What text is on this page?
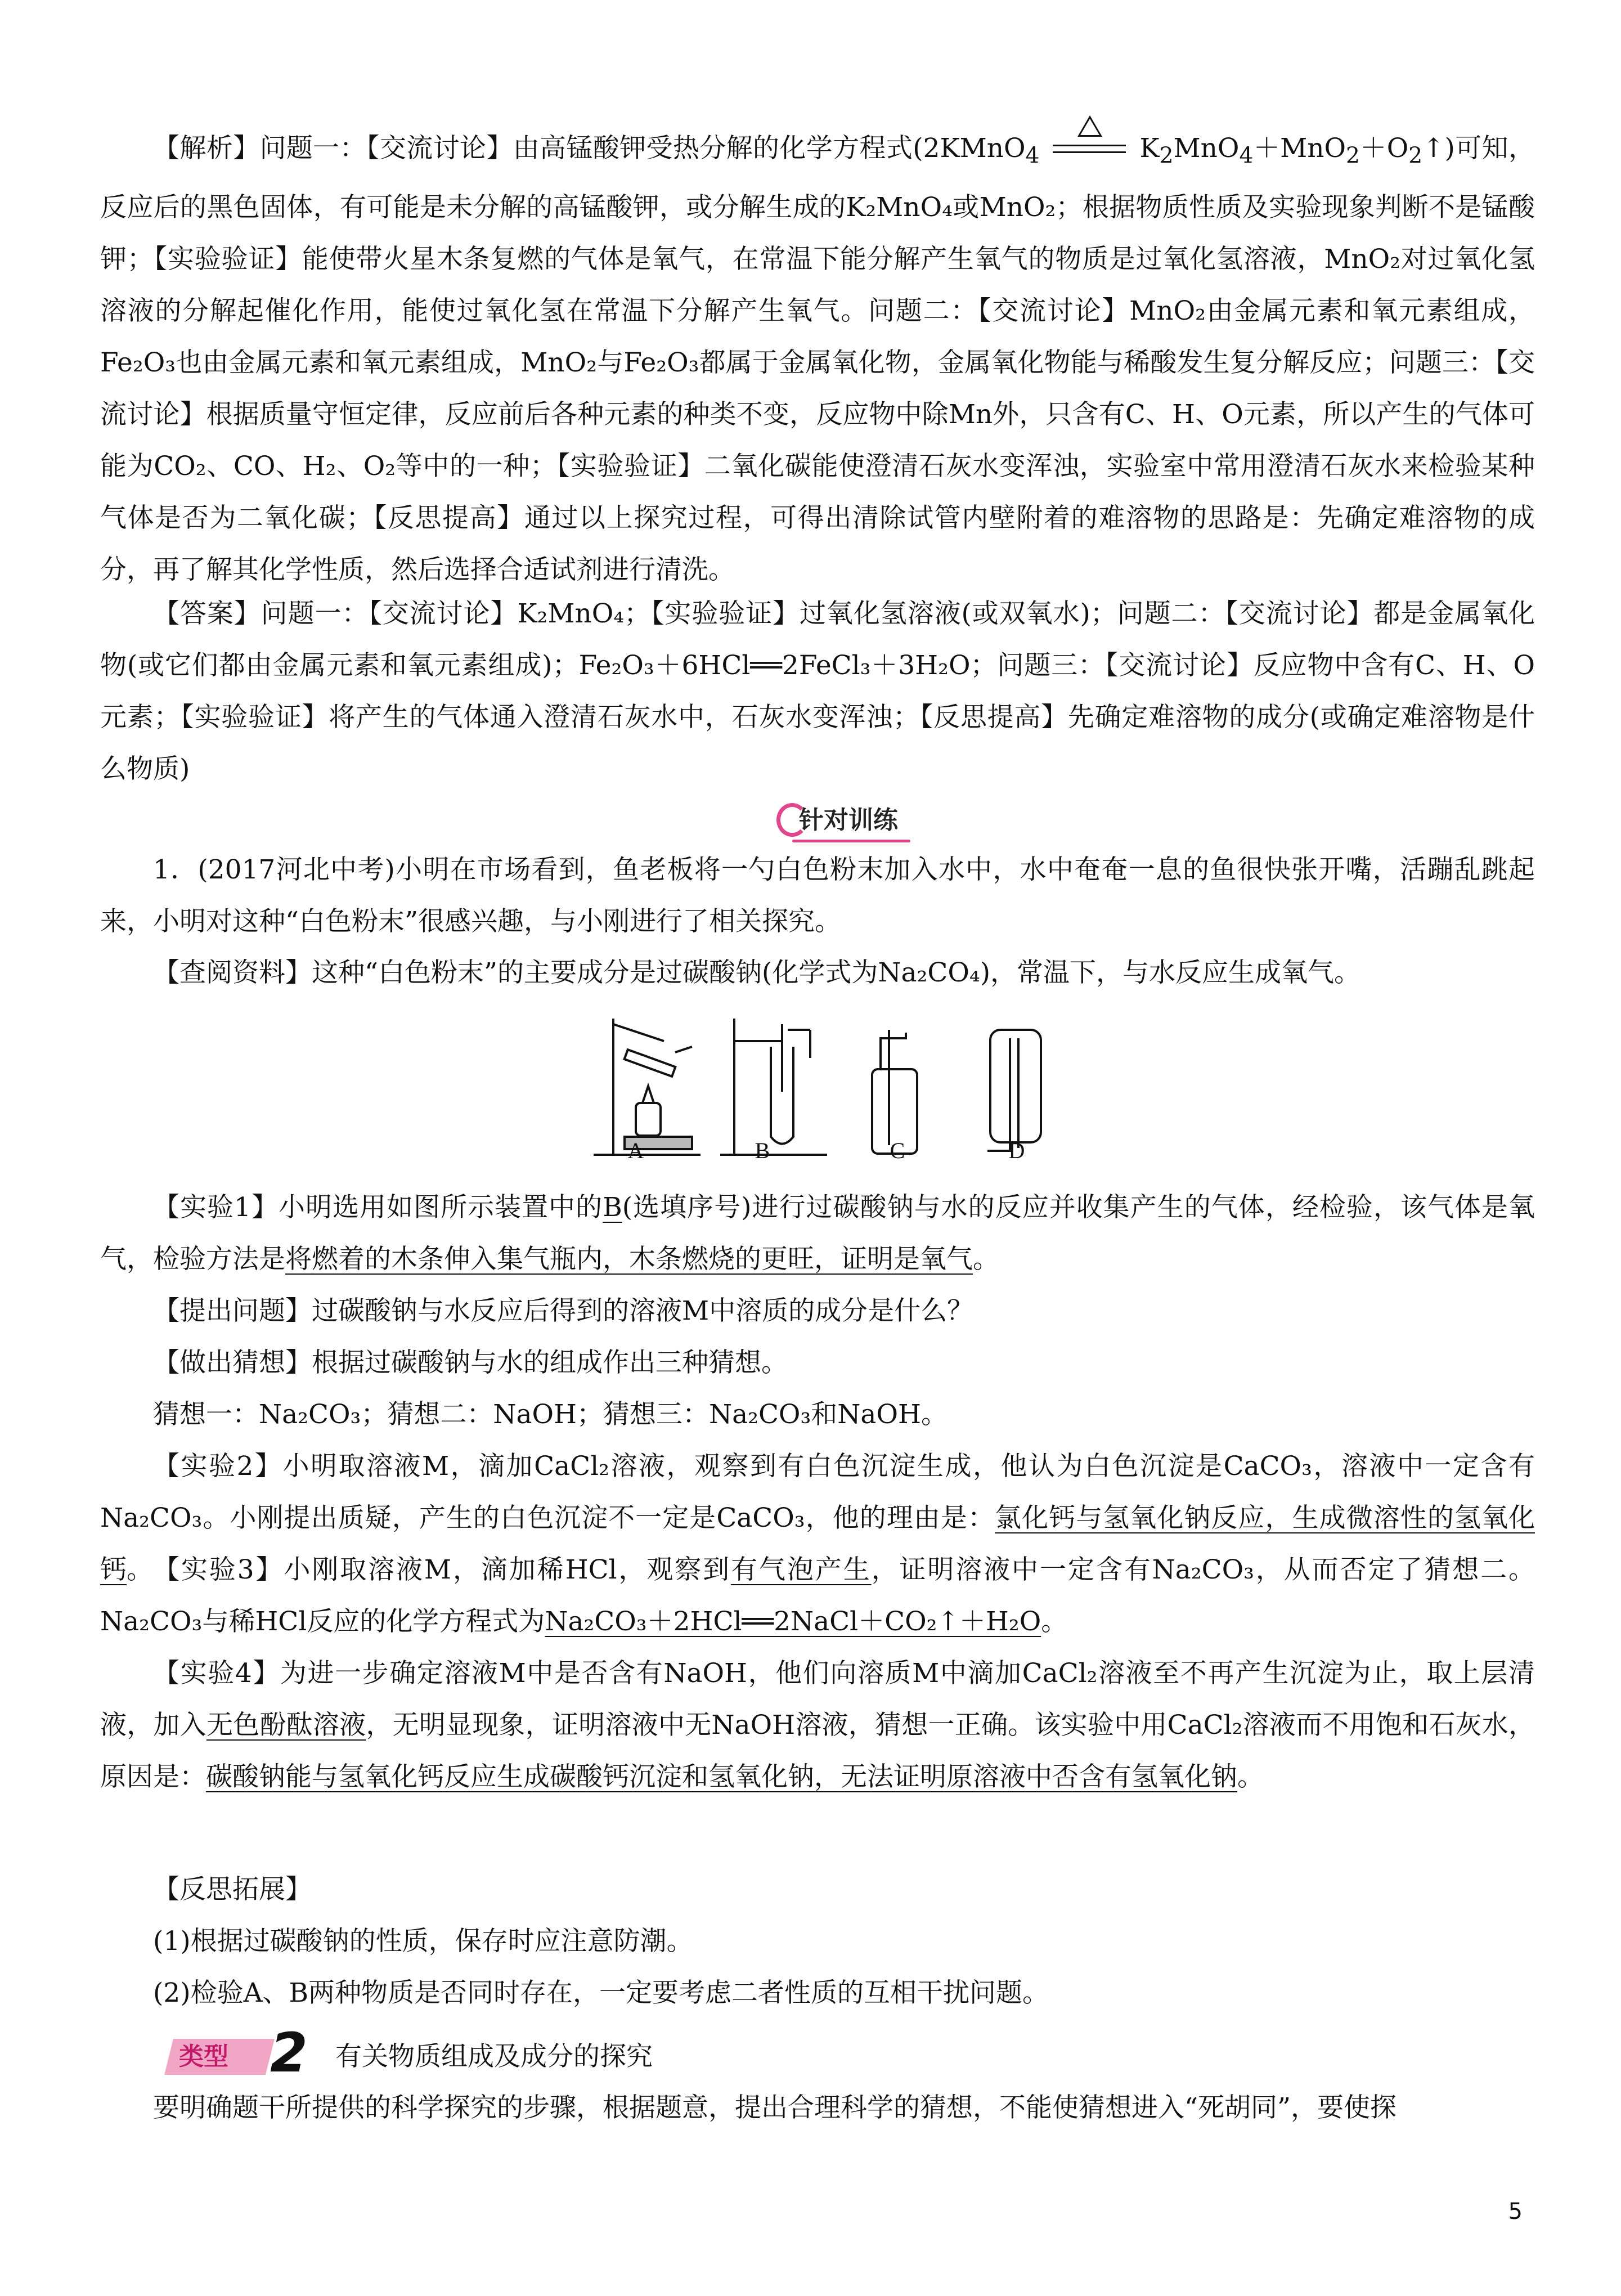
【解析】问题一：【交流讨论】由高锰酸钾受热分解的化学方程式(2KMnO$_4$	$K_2MnO_4+MnO_2+O_2↑$)可知， 反应后的黑色固体，有可能是未分解的高锰酸钾，或分解生成的K₂MnO₄或MnO₂；根据物质性质及实验现象判断不是锰酸钾；【实验验证】能使带火星木条复燃的气体是氧气，在常温下能分解产生氧气的物质是过氧化氢溶液，MnO₂对过氧化氢溶液的分解起催化作用，能使过氧化氢在常温下分解产生氧气。问题二：【交流讨论】MnO₂由金属元素和氧元素组成，Fe₂O₃也由金属元素和氧元素组成，MnO₂与Fe₂O₃都属于金属氧化物，金属氧化物能与稀酸发生复分解反应；问题三：【交流讨论】根据质量守恒定律，反应前后各种元素的种类不变，反应物中除Mn外，只含有C、H、O元素，所以产生的气体可能为CO₂、CO、H₂、O₂等中的一种；【实验验证】二氧化碳能使澄清石灰水变浑浊，实验室中常用澄清石灰水来检验某种气体是否为二氧化碳；【反思提高】通过以上探究过程，可得出清除试管内壁附着的难溶物的思路是：先确定难溶物的成分，再了解其化学性质，然后选择合适试剂进行清洗。
【答案】问题一：【交流讨论】K₂MnO₄；【实验验证】过氧化氢溶液(或双氧水)；问题二：【交流讨论】都是金属氧化物(或它们都由金属元素和氧元素组成)；Fe₂O₃＋6HCl══2FeCl₃＋3H₂O；问题三：【交流讨论】反应物中含有C、H、O元素；【实验验证】将产生的气体通入澄清石灰水中，石灰水变浑浊；【反思提高】先确定难溶物的成分(或确定难溶物是什么物质)
针对训练
1．(2017河北中考)小明在市场看到，鱼老板将一勺白色粉末加入水中，水中奄奄一息的鱼很快张开嘴，活蹦乱跳起来，小明对这种“白色粉末”很感兴趣，与小刚进行了相关探究。
【查阅资料】这种“白色粉末”的主要成分是过碳酸钠(化学式为Na₂CO₄)，常温下，与水反应生成氧气。
A	B	C	D
【实验1】小明选用如图所示装置中的B(选填序号)进行过碳酸钠与水的反应并收集产生的气体，经检验，该气体是氧气，检验方法是将燃着的木条伸入集气瓶内，木条燃烧的更旺，证明是氧气。
【提出问题】过碳酸钠与水反应后得到的溶液M中溶质的成分是什么？
【做出猜想】根据过碳酸钠与水的组成作出三种猜想。
猜想一：Na₂CO₃；猜想二：NaOH；猜想三：Na₂CO₃和NaOH。
【实验2】小明取溶液M，滴加CaCl₂溶液，观察到有白色沉淀生成，他认为白色沉淀是CaCO₃，溶液中一定含有Na₂CO₃。小刚提出质疑，产生的白色沉淀不一定是CaCO₃，他的理由是：氯化钙与氢氧化钠反应，生成微溶性的氢氧化钙。 【实验3】小刚取溶液M，滴加稀HCl，观察到有气泡产生，证明溶液中一定含有Na₂CO₃，从而否定了猜想二。Na₂CO₃与稀HCl反应的化学方程式为Na₂CO₃＋2HCl══2NaCl＋CO₂↑＋H₂O。
【实验4】为进一步确定溶液M中是否含有NaOH，他们向溶质M中滴加CaCl₂溶液至不再产生沉淀为止，取上层清液，加入无色酚酞溶液，无明显现象，证明溶液中无NaOH溶液，猜想一正确。该实验中用CaCl₂溶液而不用饱和石灰水，原因是：碳酸钠能与氢氧化钙反应生成碳酸钙沉淀和氢氧化钠，无法证明原溶液中否含有氢氧化钠。
【反思拓展】
(1)根据过碳酸钠的性质，保存时应注意防潮。
(2)检验A、B两种物质是否同时存在，一定要考虑二者性质的互相干扰问题。
类型 2 有关物质组成及成分的探究
要明确题干所提供的科学探究的步骤，根据题意，提出合理科学的猜想，不能使猜想进入“死胡同”，要使探
5
